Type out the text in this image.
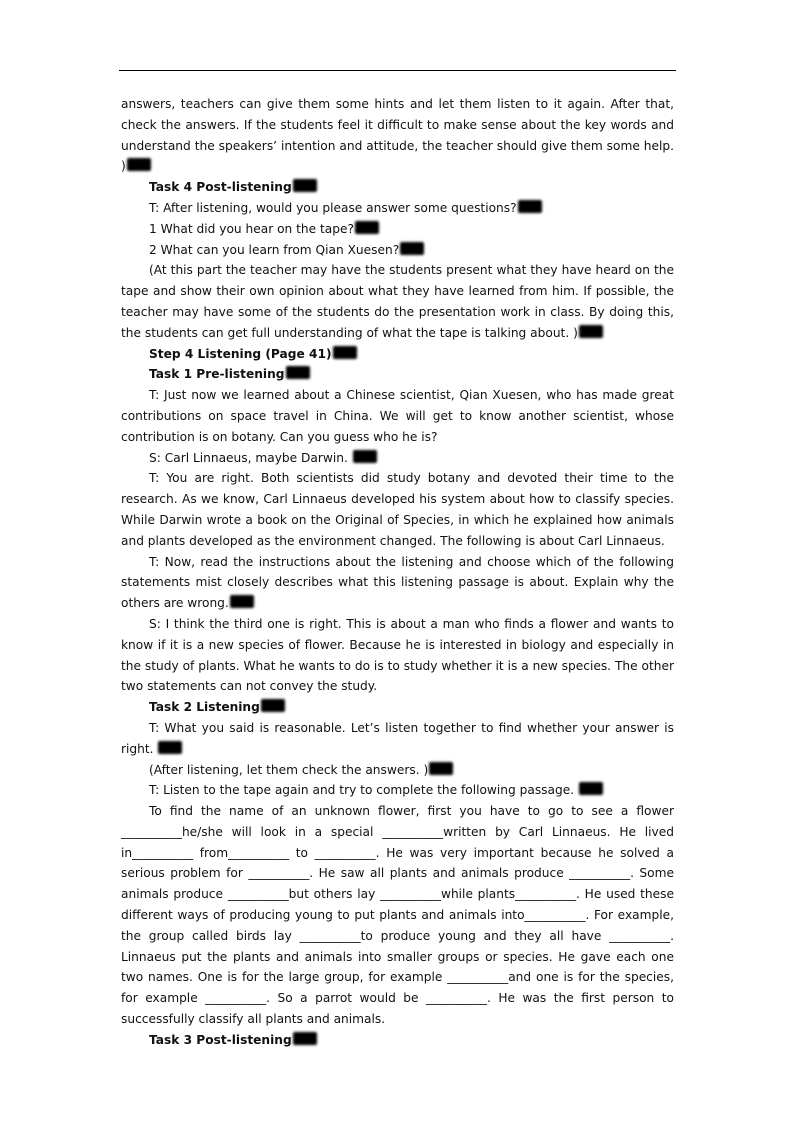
answers, teachers can give them some hints and let them listen to it again. After that, check the answers. If the students feel it difficult to make sense about the key words and understand the speakers’ intention and attitude, the teacher should give them some help. )

Task 4 Post-listening

T: After listening, would you please answer some questions?

1 What did you hear on the tape?

2 What can you learn from Qian Xuesen?

(At this part the teacher may have the students present what they have heard on the tape and show their own opinion about what they have learned from him. If possible, the teacher may have some of the students do the presentation work in class. By doing this, the students can get full understanding of what the tape is talking about. )

Step 4 Listening (Page 41)

Task 1 Pre-listening

T: Just now we learned about a Chinese scientist, Qian Xuesen, who has made great contributions on space travel in China. We will get to know another scientist, whose contribution is on botany. Can you guess who he is?

S: Carl Linnaeus, maybe Darwin.

T: You are right. Both scientists did study botany and devoted their time to the research. As we know, Carl Linnaeus developed his system about how to classify species. While Darwin wrote a book on the Original of Species, in which he explained how animals and plants developed as the environment changed. The following is about Carl Linnaeus.

T: Now, read the instructions about the listening and choose which of the following statements mist closely describes what this listening passage is about. Explain why the others are wrong.

S: I think the third one is right. This is about a man who finds a flower and wants to know if it is a new species of flower. Because he is interested in biology and especially in the study of plants. What he wants to do is to study whether it is a new species. The other two statements can not convey the study.

Task 2 Listening

T: What you said is reasonable. Let’s listen together to find whether your answer is right.

(After listening, let them check the answers. )

T: Listen to the tape again and try to complete the following passage.

To find the name of an unknown flower, first you have to go to see a flower __________he/she will look in a special __________written by Carl Linnaeus. He lived in__________ from__________ to __________. He was very important because he solved a serious problem for __________. He saw all plants and animals produce __________. Some animals produce __________but others lay __________while plants__________. He used these different ways of producing young to put plants and animals into__________. For example, the group called birds lay __________to produce young and they all have __________. Linnaeus put the plants and animals into smaller groups or species. He gave each one two names. One is for the large group, for example __________and one is for the species, for example __________. So a parrot would be __________. He was the first person to successfully classify all plants and animals.

Task 3 Post-listening
